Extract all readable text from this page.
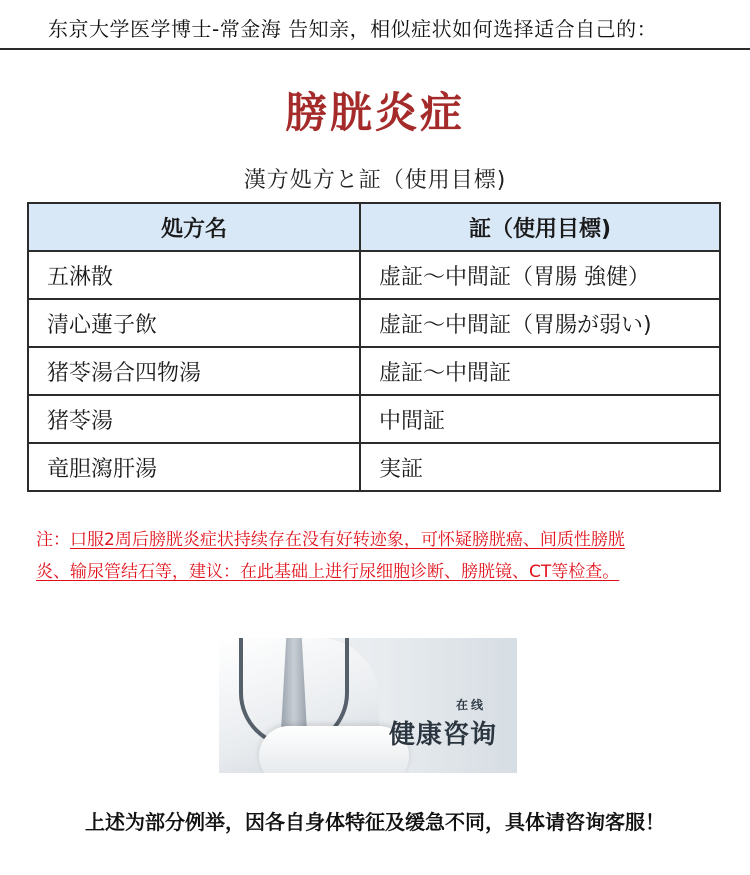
东京大学医学博士-常金海 告知亲，相似症状如何选择适合自己的：
膀胱炎症
漢方処方と証（使用目標)
処方名	証（使用目標)
五淋散	虚証～中間証（胃腸 強健）
清心蓮子飲	虚証～中間証（胃腸が弱い)
猪苓湯合四物湯	虚証～中間証
猪苓湯	中間証
竜胆瀉肝湯	実証
注：口服2周后膀胱炎症状持续存在没有好转迹象，可怀疑膀胱癌、间质性膀胱
炎、输尿管结石等，建议：在此基础上进行尿细胞诊断、膀胱镜、CT等检查。
在线
健康咨询
上述为部分例举，因各自身体特征及缓急不同，具体请咨询客服！
